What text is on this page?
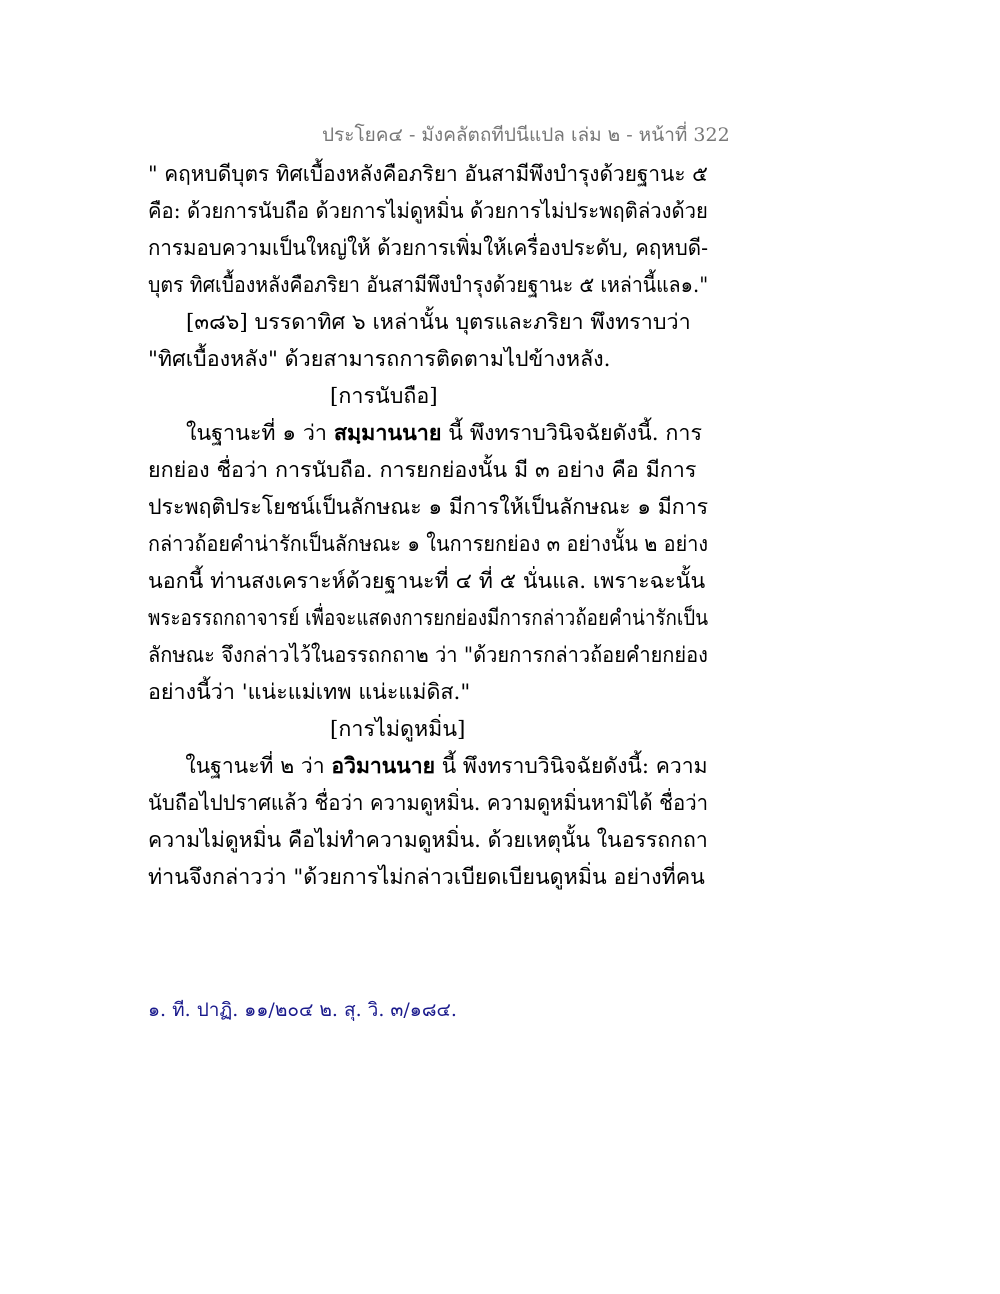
ประโยค๔ - มังคลัตถทีปนีแปล เล่ม ๒ - หน้าที่ 322
" คฤหบดีบุตร ทิศเบื้องหลังคือภริยา อันสามีพึงบำรุงด้วยฐานะ ๕
คือ: ด้วยการนับถือ ด้วยการไม่ดูหมิ่น ด้วยการไม่ประพฤติล่วงด้วย
การมอบความเป็นใหญ่ให้ ด้วยการเพิ่มให้เครื่องประดับ, คฤหบดี-
บุตร ทิศเบื้องหลังคือภริยา อันสามีพึงบำรุงด้วยฐานะ ๕ เหล่านี้แล๑."
[๓๘๖] บรรดาทิศ ๖ เหล่านั้น บุตรและภริยา พึงทราบว่า
"ทิศเบื้องหลัง" ด้วยสามารถการติดตามไปข้างหลัง.
[การนับถือ]
ในฐานะที่ ๑ ว่า สมฺมานนาย นี้ พึงทราบวินิจฉัยดังนี้. การ
ยกย่อง ชื่อว่า การนับถือ. การยกย่องนั้น มี ๓ อย่าง คือ มีการ
ประพฤติประโยชน์เป็นลักษณะ ๑ มีการให้เป็นลักษณะ ๑ มีการ
กล่าวถ้อยคำน่ารักเป็นลักษณะ ๑ ในการยกย่อง ๓ อย่างนั้น ๒ อย่าง
นอกนี้ ท่านสงเคราะห์ด้วยฐานะที่ ๔ ที่ ๕ นั่นแล. เพราะฉะนั้น
พระอรรถกถาจารย์ เพื่อจะแสดงการยกย่องมีการกล่าวถ้อยคำน่ารักเป็น
ลักษณะ จึงกล่าวไว้ในอรรถกถา๒ ว่า "ด้วยการกล่าวถ้อยคำยกย่อง
อย่างนี้ว่า 'แน่ะแม่เทพ แน่ะแม่ดิส."
[การไม่ดูหมิ่น]
ในฐานะที่ ๒ ว่า อวิมานนาย นี้ พึงทราบวินิจฉัยดังนี้: ความ
นับถือไปปราศแล้ว ชื่อว่า ความดูหมิ่น. ความดูหมิ่นหามิได้ ชื่อว่า
ความไม่ดูหมิ่น คือไม่ทำความดูหมิ่น. ด้วยเหตุนั้น ในอรรถกถา
ท่านจึงกล่าวว่า "ด้วยการไม่กล่าวเบียดเบียนดูหมิ่น อย่างที่คน
๑. ที. ปาฏิ. ๑๑/๒๐๔ ๒. สุ. วิ. ๓/๑๘๔.
